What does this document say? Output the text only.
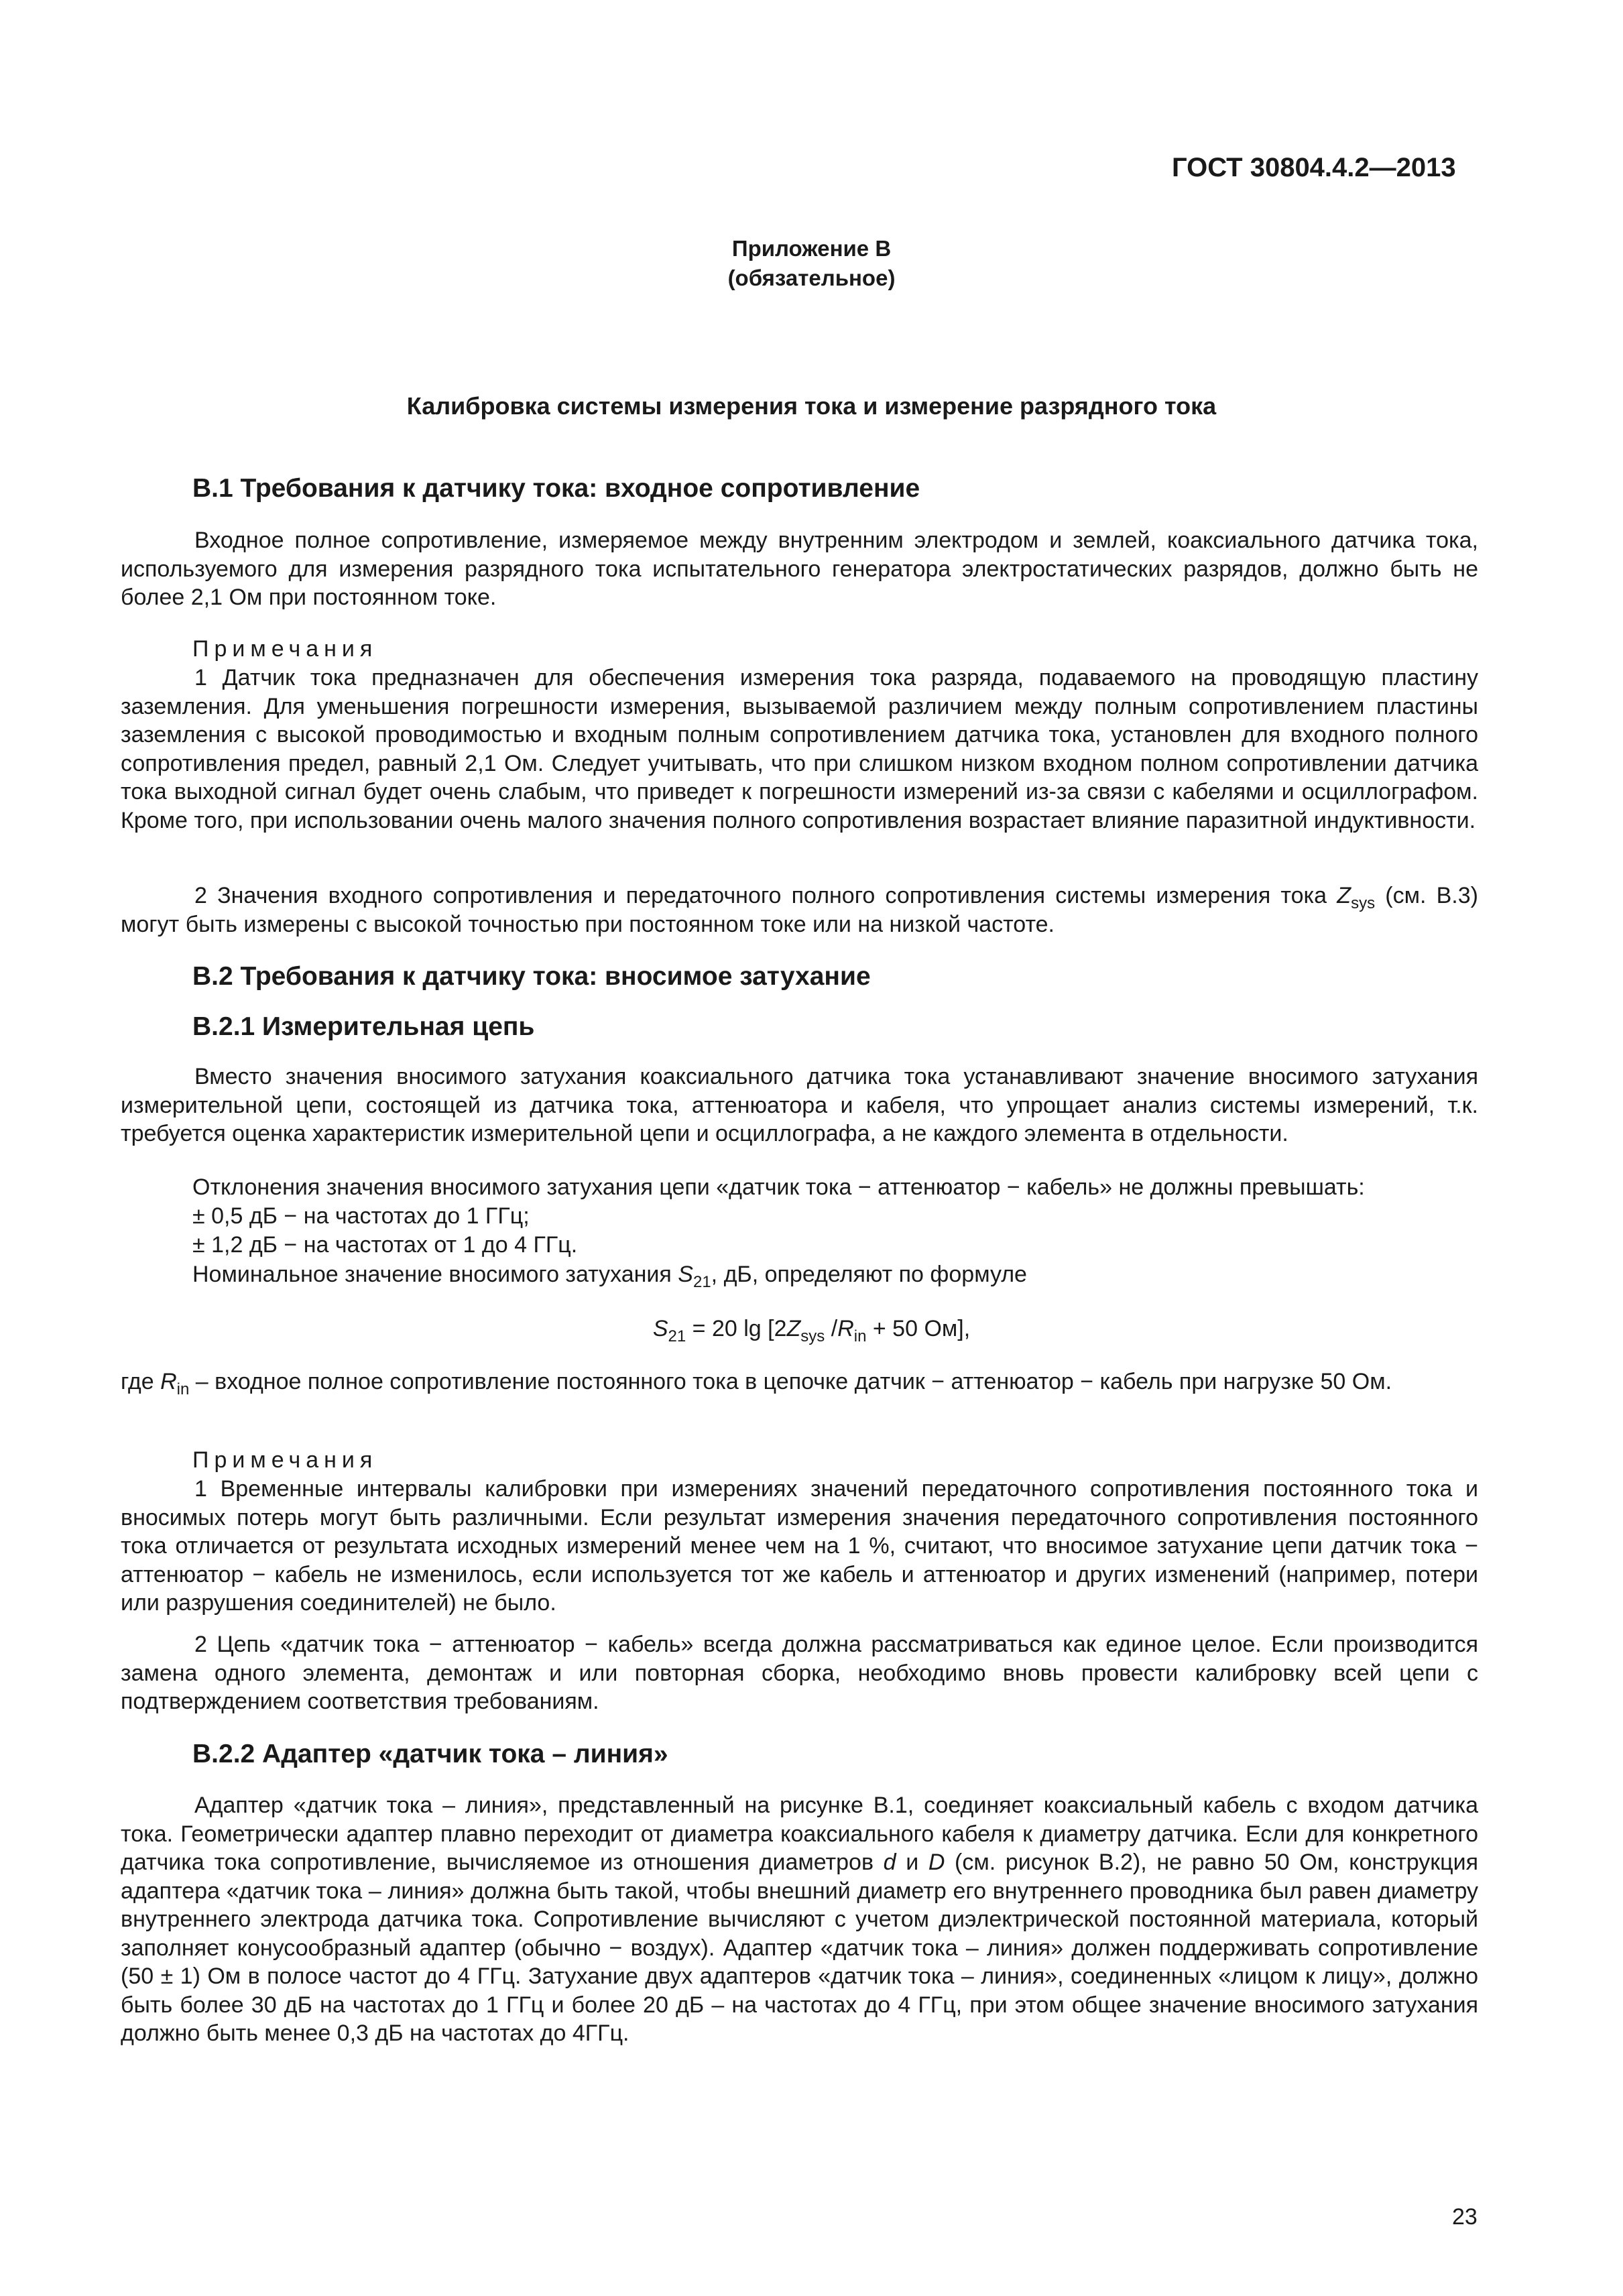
ГОСТ 30804.4.2—2013
Приложение В
(обязательное)
Калибровка системы измерения тока и измерение разрядного тока
В.1 Требования к датчику тока: входное сопротивление
Входное полное сопротивление, измеряемое между внутренним электродом и землей, коаксиального датчика тока, используемого для измерения разрядного тока испытательного генератора электростатических разрядов, должно быть не более 2,1 Ом при постоянном токе.
Примечания
1 Датчик тока предназначен для обеспечения измерения тока разряда, подаваемого на проводящую пластину заземления. Для уменьшения погрешности измерения, вызываемой различием между полным сопротивлением пластины заземления с высокой проводимостью и входным полным сопротивлением датчика тока, установлен для входного полного сопротивления предел, равный 2,1 Ом. Следует учитывать, что при слишком низком входном полном сопротивлении датчика тока выходной сигнал будет очень слабым, что приведет к погрешности измерений из-за связи с кабелями и осциллографом. Кроме того, при использовании очень малого значения полного сопротивления возрастает влияние паразитной индуктивности.
2 Значения входного сопротивления и передаточного полного сопротивления системы измерения тока $Z_{sys}$ (см. В.3) могут быть измерены с высокой точностью при постоянном токе или на низкой частоте.
В.2 Требования к датчику тока: вносимое затухание
В.2.1 Измерительная цепь
Вместо значения вносимого затухания коаксиального датчика тока устанавливают значение вносимого затухания измерительной цепи, состоящей из датчика тока, аттенюатора и кабеля, что упрощает анализ системы измерений, т.к. требуется оценка характеристик измерительной цепи и осциллографа, а не каждого элемента в отдельности.
Отклонения значения вносимого затухания цепи «датчик тока − аттенюатор − кабель» не должны превышать:
± 0,5 дБ − на частотах до 1 ГГц;
± 1,2 дБ − на частотах от 1 до 4 ГГц.
Номинальное значение вносимого затухания $S_{21}$, дБ, определяют по формуле
$S_{21} = 20$ $\lg [2Z_{sys}$ $/R_{in} + 50$ Ом],
где $R_{in}$ – входное полное сопротивление постоянного тока в цепочке датчик − аттенюатор − кабель при нагрузке 50 Ом.
Примечания
1 Временные интервалы калибровки при измерениях значений передаточного сопротивления постоянного тока и вносимых потерь могут быть различными. Если результат измерения значения передаточного сопротивления постоянного тока отличается от результата исходных измерений менее чем на 1 %, считают, что вносимое затухание цепи датчик тока − аттенюатор − кабель не изменилось, если используется тот же кабель и аттенюатор и других изменений (например, потери или разрушения соединителей) не было.
2 Цепь «датчик тока − аттенюатор − кабель» всегда должна рассматриваться как единое целое. Если производится замена одного элемента, демонтаж и или повторная сборка, необходимо вновь провести калибровку всей цепи с подтверждением соответствия требованиям.
В.2.2 Адаптер «датчик тока – линия»
Адаптер «датчик тока – линия», представленный на рисунке В.1, соединяет коаксиальный кабель с входом датчика тока. Геометрически адаптер плавно переходит от диаметра коаксиального кабеля к диаметру датчика. Если для конкретного датчика тока сопротивление, вычисляемое из отношения диаметров d и D (см. рисунок В.2), не равно 50 Ом, конструкция адаптера «датчик тока – линия» должна быть такой, чтобы внешний диаметр его внутреннего проводника был равен диаметру внутреннего электрода датчика тока. Сопротивление вычисляют с учетом диэлектрической постоянной материала, который заполняет конусообразный адаптер (обычно − воздух). Адаптер «датчик тока – линия» должен поддерживать сопротивление (50 ± 1) Ом в полосе частот до 4 ГГц. Затухание двух адаптеров «датчик тока – линия», соединенных «лицом к лицу», должно быть более 30 дБ на частотах до 1 ГГц и более 20 дБ – на частотах до 4 ГГц, при этом общее значение вносимого затухания должно быть менее 0,3 дБ на частотах до 4ГГц.
23
